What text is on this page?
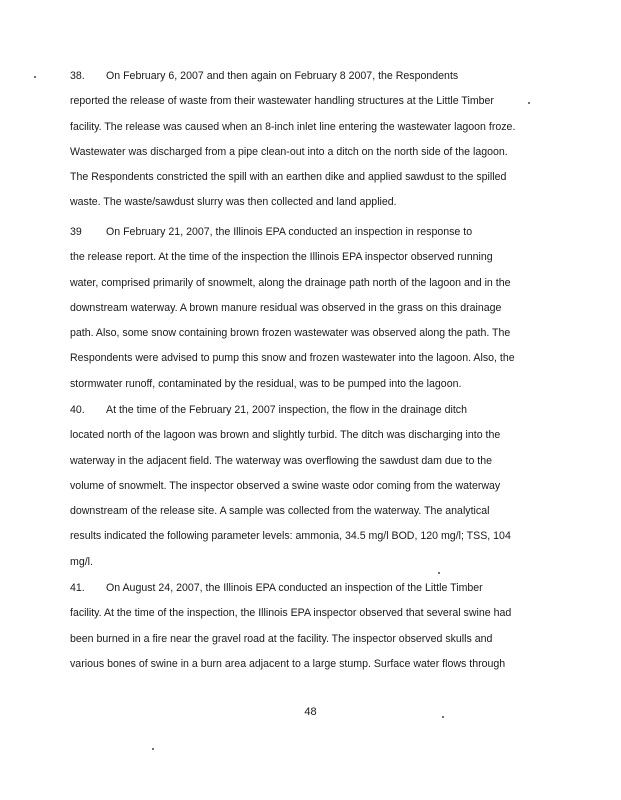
38. On February 6, 2007 and then again on February 8 2007, the Respondents
reported the release of waste from their wastewater handling structures at the Little Timber
facility. The release was caused when an 8-inch inlet line entering the wastewater lagoon froze.
Wastewater was discharged from a pipe clean-out into a ditch on the north side of the lagoon.
The Respondents constricted the spill with an earthen dike and applied sawdust to the spilled
waste. The waste/sawdust slurry was then collected and land applied.
39 On February 21, 2007, the Illinois EPA conducted an inspection in response to
the release report. At the time of the inspection the Illinois EPA inspector observed running
water, comprised primarily of snowmelt, along the drainage path north of the lagoon and in the
downstream waterway. A brown manure residual was observed in the grass on this drainage
path. Also, some snow containing brown frozen wastewater was observed along the path. The
Respondents were advised to pump this snow and frozen wastewater into the lagoon. Also, the
stormwater runoff, contaminated by the residual, was to be pumped into the lagoon.
40. At the time of the February 21, 2007 inspection, the flow in the drainage ditch
located north of the lagoon was brown and slightly turbid. The ditch was discharging into the
waterway in the adjacent field. The waterway was overflowing the sawdust dam due to the
volume of snowmelt. The inspector observed a swine waste odor coming from the waterway
downstream of the release site. A sample was collected from the waterway. The analytical
results indicated the following parameter levels: ammonia, 34.5 mg/l BOD, 120 mg/l; TSS, 104
mg/l.
41. On August 24, 2007, the Illinois EPA conducted an inspection of the Little Timber
facility. At the time of the inspection, the Illinois EPA inspector observed that several swine had
been burned in a fire near the gravel road at the facility. The inspector observed skulls and
various bones of swine in a burn area adjacent to a large stump. Surface water flows through
48
